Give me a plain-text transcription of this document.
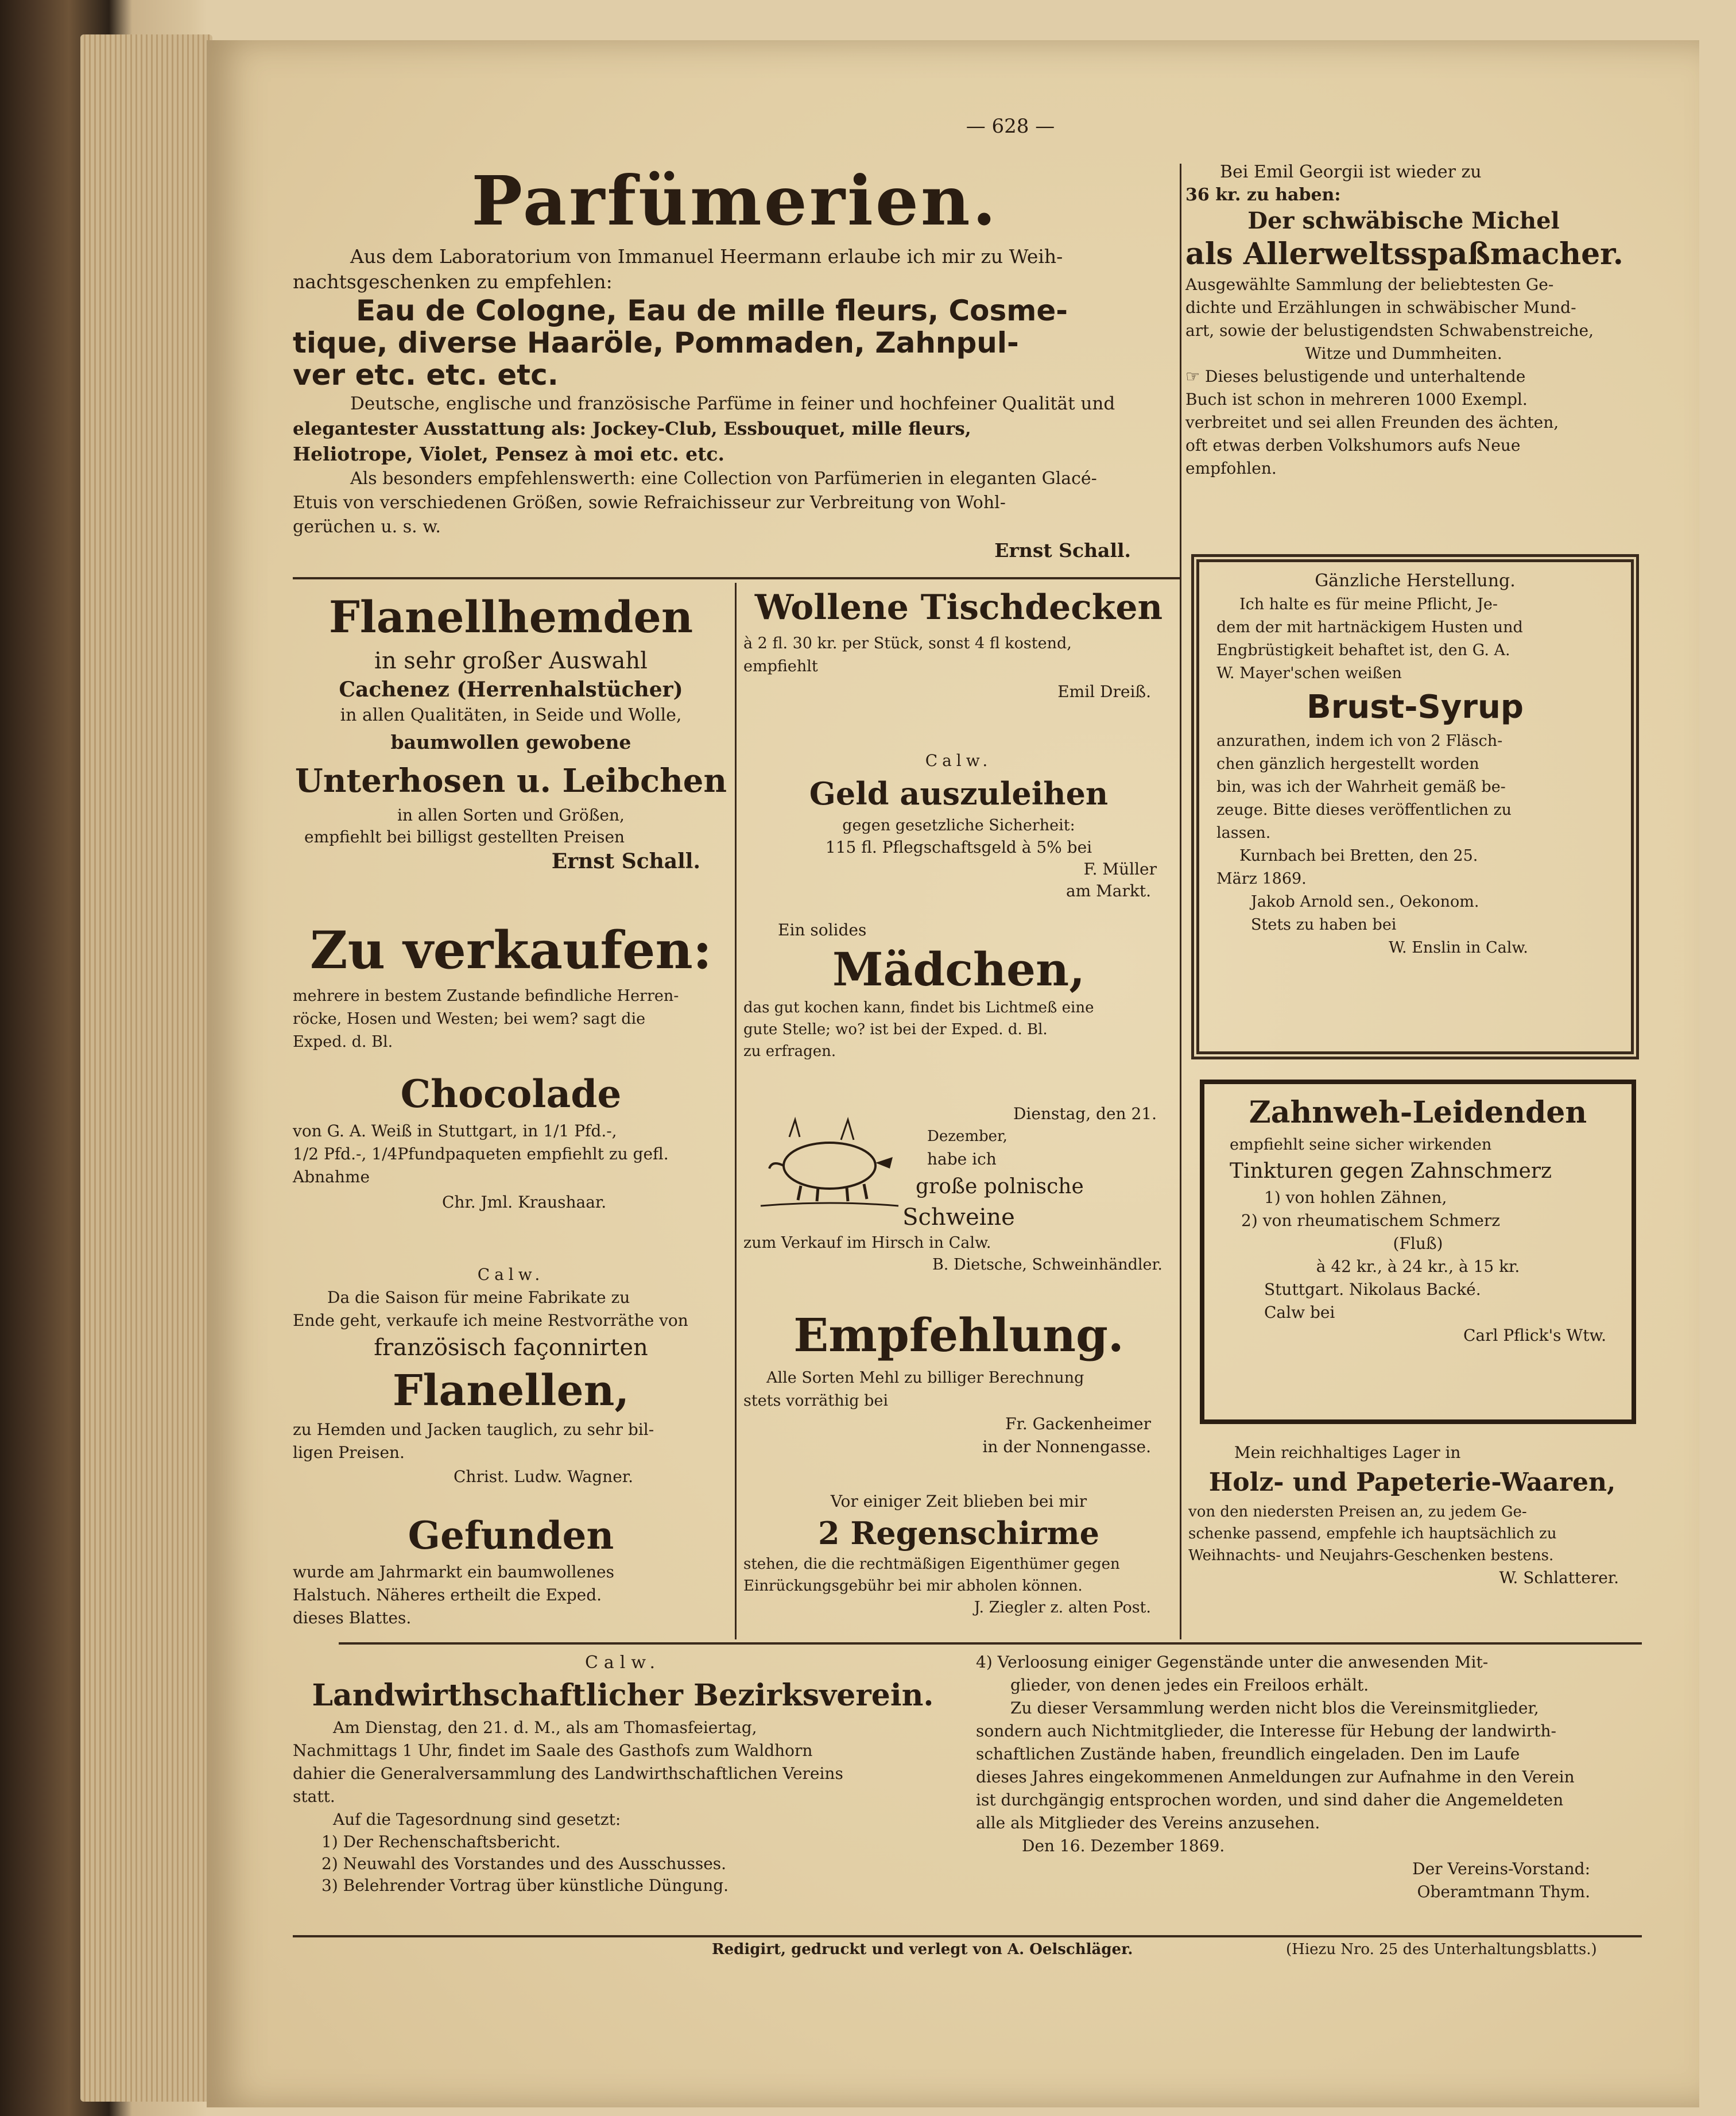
— 628 —
Parfümerien.
Aus dem Laboratorium von Immanuel Heermann erlaube ich mir zu Weih-
nachtsgeschenken zu empfehlen:
Eau de Cologne, Eau de mille fleurs, Cosme-
tique, diverse Haaröle, Pommaden, Zahnpul-
ver etc. etc. etc.
Deutsche, englische und französische Parfüme in feiner und hochfeiner Qualität und
elegantester Ausstattung als: Jockey-Club, Essbouquet, mille fleurs,
Heliotrope, Violet, Pensez à moi etc. etc.
Als besonders empfehlenswerth: eine Collection von Parfümerien in eleganten Glacé-
Etuis von verschiedenen Größen, sowie Refraichisseur zur Verbreitung von Wohl-
gerüchen u. s. w.
Ernst Schall.
Bei Emil Georgii ist wieder zu
36 kr. zu haben:
Der schwäbische Michel
als Allerweltsspaßmacher.
Ausgewählte Sammlung der beliebtesten Ge-
dichte und Erzählungen in schwäbischer Mund-
art, sowie der belustigendsten Schwabenstreiche,
Witze und Dummheiten.
☞ Dieses belustigende und unterhaltende
Buch ist schon in mehreren 1000 Exempl.
verbreitet und sei allen Freunden des ächten,
oft etwas derben Volkshumors aufs Neue
empfohlen.
Flanellhemden
in sehr großer Auswahl
Cachenez (Herrenhalstücher)
in allen Qualitäten, in Seide und Wolle,
baumwollen gewobene
Unterhosen u. Leibchen
in allen Sorten und Größen,
empfiehlt bei billigst gestellten Preisen
Ernst Schall.
Zu verkaufen:
mehrere in bestem Zustande befindliche Herren-
röcke, Hosen und Westen; bei wem? sagt die
Exped. d. Bl.
Chocolade
von G. A. Weiß in Stuttgart, in 1/1 Pfd.-,
1/2 Pfd.-, 1/4Pfundpaqueten empfiehlt zu gefl.
Abnahme
Chr. Jml. Kraushaar.
Calw.
Da die Saison für meine Fabrikate zu
Ende geht, verkaufe ich meine Restvorräthe von
französisch façonnirten
Flanellen,
zu Hemden und Jacken tauglich, zu sehr bil-
ligen Preisen.
Christ. Ludw. Wagner.
Gefunden
wurde am Jahrmarkt ein baumwollenes
Halstuch. Näheres ertheilt die Exped.
dieses Blattes.
Wollene Tischdecken
à 2 fl. 30 kr. per Stück, sonst 4 fl kostend,
empfiehlt
Emil Dreiß.
Calw.
Geld auszuleihen
gegen gesetzliche Sicherheit:
115 fl. Pflegschaftsgeld à 5% bei
F. Müller
am Markt.
Ein solides
Mädchen,
das gut kochen kann, findet bis Lichtmeß eine
gute Stelle; wo? ist bei der Exped. d. Bl.
zu erfragen.
Dienstag, den 21.
Dezember,
habe ich
große polnische
Schweine
zum Verkauf im Hirsch in Calw.
B. Dietsche, Schweinhändler.
Empfehlung.
Alle Sorten Mehl zu billiger Berechnung
stets vorräthig bei
Fr. Gackenheimer
in der Nonnengasse.
Vor einiger Zeit blieben bei mir
2 Regenschirme
stehen, die die rechtmäßigen Eigenthümer gegen
Einrückungsgebühr bei mir abholen können.
J. Ziegler z. alten Post.
Gänzliche Herstellung.
Ich halte es für meine Pflicht, Je-
dem der mit hartnäckigem Husten und
Engbrüstigkeit behaftet ist, den G. A.
W. Mayer'schen weißen
Brust-Syrup
anzurathen, indem ich von 2 Fläsch-
chen gänzlich hergestellt worden
bin, was ich der Wahrheit gemäß be-
zeuge. Bitte dieses veröffentlichen zu
lassen.
Kurnbach bei Bretten, den 25.
März 1869.
Jakob Arnold sen., Oekonom.
Stets zu haben bei
W. Enslin in Calw.
Zahnweh-Leidenden
empfiehlt seine sicher wirkenden
Tinkturen gegen Zahnschmerz
1) von hohlen Zähnen,
2) von rheumatischem Schmerz
(Fluß)
à 42 kr., à 24 kr., à 15 kr.
Stuttgart. Nikolaus Backé.
Calw bei
Carl Pflick's Wtw.
Mein reichhaltiges Lager in
Holz- und Papeterie-Waaren,
von den niedersten Preisen an, zu jedem Ge-
schenke passend, empfehle ich hauptsächlich zu
Weihnachts- und Neujahrs-Geschenken bestens.
W. Schlatterer.
Calw.
Landwirthschaftlicher Bezirksverein.
Am Dienstag, den 21. d. M., als am Thomasfeiertag,
Nachmittags 1 Uhr, findet im Saale des Gasthofs zum Waldhorn
dahier die Generalversammlung des Landwirthschaftlichen Vereins
statt.
Auf die Tagesordnung sind gesetzt:
1) Der Rechenschaftsbericht.
2) Neuwahl des Vorstandes und des Ausschusses.
3) Belehrender Vortrag über künstliche Düngung.
4) Verloosung einiger Gegenstände unter die anwesenden Mit-
glieder, von denen jedes ein Freiloos erhält.
Zu dieser Versammlung werden nicht blos die Vereinsmitglieder,
sondern auch Nichtmitglieder, die Interesse für Hebung der landwirth-
schaftlichen Zustände haben, freundlich eingeladen. Den im Laufe
dieses Jahres eingekommenen Anmeldungen zur Aufnahme in den Verein
ist durchgängig entsprochen worden, und sind daher die Angemeldeten
alle als Mitglieder des Vereins anzusehen.
Den 16. Dezember 1869.
Der Vereins-Vorstand:
Oberamtmann Thym.
Redigirt, gedruckt und verlegt von A. Oelschläger.	(Hiezu Nro. 25 des Unterhaltungsblatts.)
